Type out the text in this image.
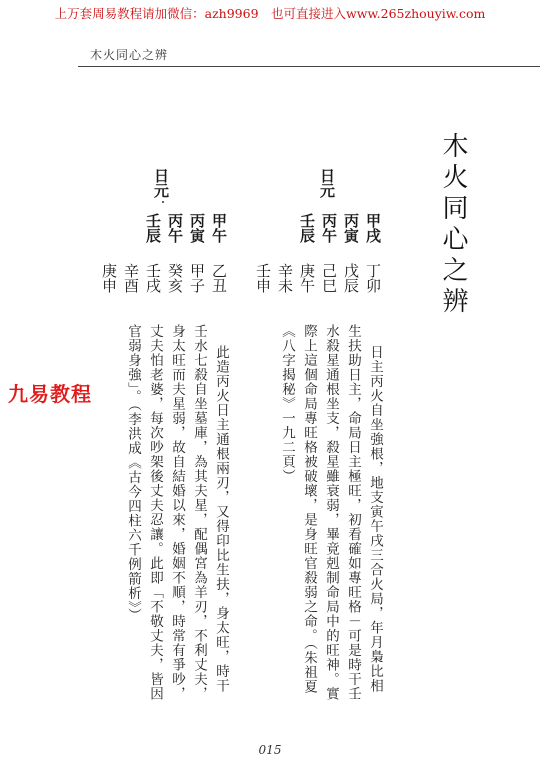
上万套周易教程请加微信：azh9969　也可直接进入www.265zhouyiw.com
木火同心之辨
木火同心之辨
日元
甲戌
丙寅
丙午
壬辰
丁卯
戊辰
己巳
庚午
辛未
壬申
日元
甲午
丙寅
丙午
壬辰
乙丑
甲子
癸亥
壬戌
辛酉
庚申
日主丙火自坐強根，地支寅午戌三合火局，年月梟比相
生扶助日主，命局日主極旺，初看確如專旺格－可是時干壬
水殺星通根坐支，殺星雖衰弱，畢竟剋制命局中的旺神。實
際上這個命局專旺格被破壞，是身旺官殺弱之命。（朱祖夏
《八字揭秘》一九二頁）
此造丙火日主通根兩刃，又得印比生扶，身太旺，時干
壬水七殺自坐墓庫，為其夫星，配偶宮為羊刃，不利丈夫，
身太旺而夫星弱，故自結婚以來，婚姻不順，時常有爭吵，
丈夫怕老婆，每次吵架後丈夫忍讓。此即「不敬丈夫，皆因
官弱身強」。（李洪成《古今四柱六千例箭析》）
九易教程
015
